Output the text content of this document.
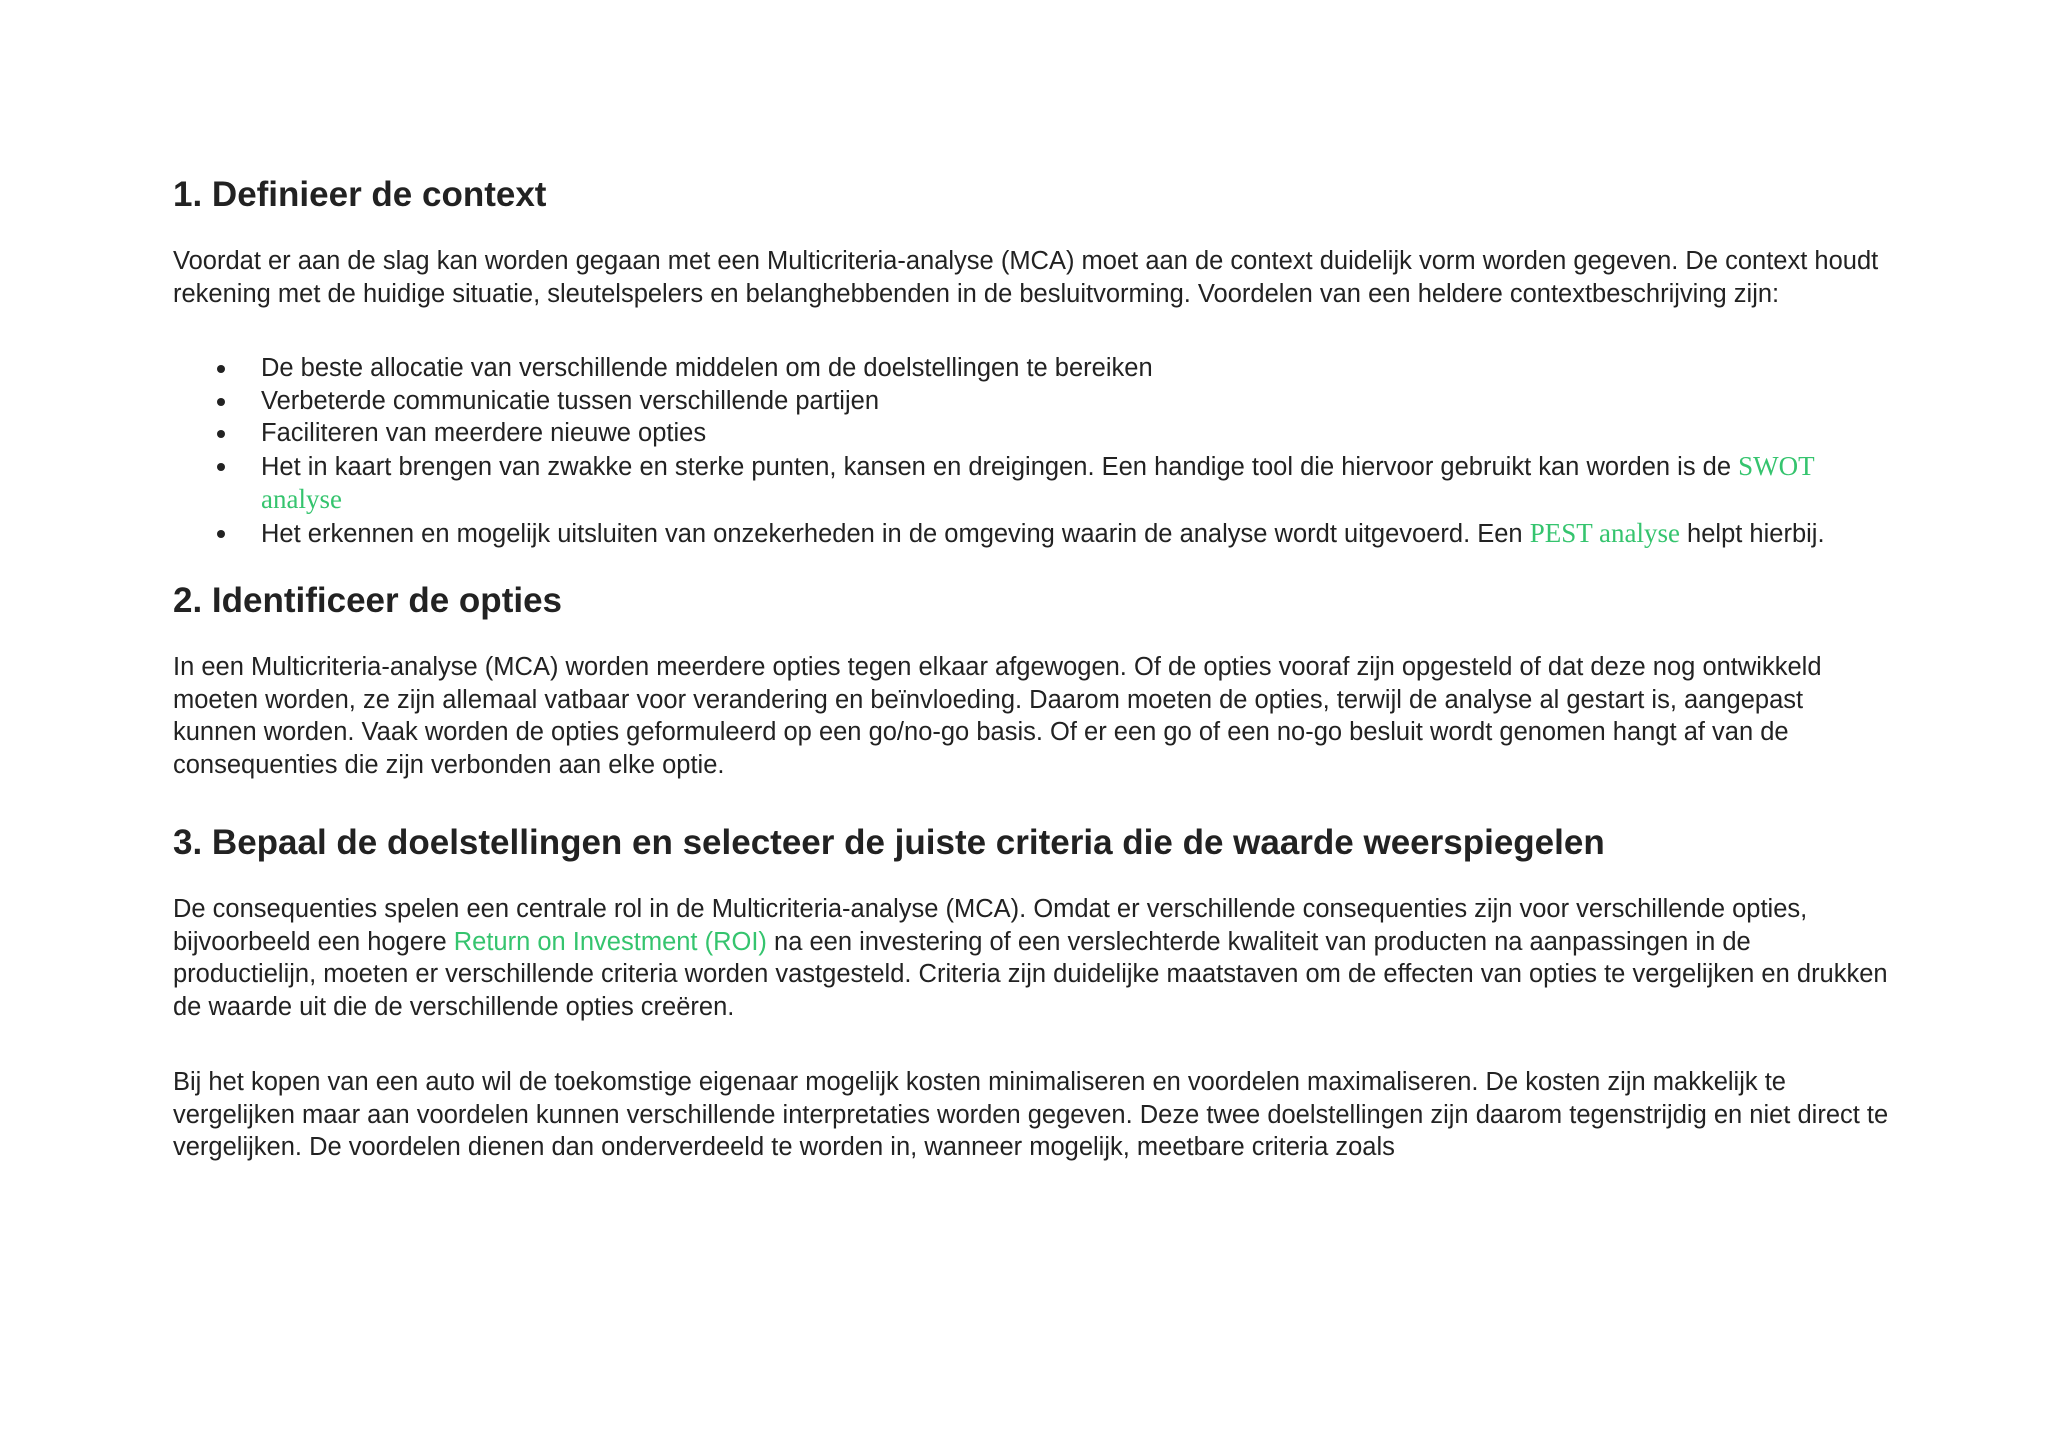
1. Definieer de context

Voordat er aan de slag kan worden gegaan met een Multicriteria-analyse (MCA) moet aan de context duidelijk vorm worden gegeven. De context houdt rekening met de huidige situatie, sleutelspelers en belanghebbenden in de besluitvorming. Voordelen van een heldere contextbeschrijving zijn:

De beste allocatie van verschillende middelen om de doelstellingen te bereiken
Verbeterde communicatie tussen verschillende partijen
Faciliteren van meerdere nieuwe opties
Het in kaart brengen van zwakke en sterke punten, kansen en dreigingen. Een handige tool die hiervoor gebruikt kan worden is de SWOT analyse
Het erkennen en mogelijk uitsluiten van onzekerheden in de omgeving waarin de analyse wordt uitgevoerd. Een PEST analyse helpt hierbij.
2. Identificeer de opties

In een Multicriteria-analyse (MCA) worden meerdere opties tegen elkaar afgewogen. Of de opties vooraf zijn opgesteld of dat deze nog ontwikkeld moeten worden, ze zijn allemaal vatbaar voor verandering en beïnvloeding. Daarom moeten de opties, terwijl de analyse al gestart is, aangepast kunnen worden. Vaak worden de opties geformuleerd op een go/no-go basis. Of er een go of een no-go besluit wordt genomen hangt af van de consequenties die zijn verbonden aan elke optie.

3. Bepaal de doelstellingen en selecteer de juiste criteria die de waarde weerspiegelen

De consequenties spelen een centrale rol in de Multicriteria-analyse (MCA). Omdat er verschillende consequenties zijn voor verschillende opties, bijvoorbeeld een hogere Return on Investment (ROI) na een investering of een verslechterde kwaliteit van producten na aanpassingen in de productielijn, moeten er verschillende criteria worden vastgesteld. Criteria zijn duidelijke maatstaven om de effecten van opties te vergelijken en drukken de waarde uit die de verschillende opties creëren.

Bij het kopen van een auto wil de toekomstige eigenaar mogelijk kosten minimaliseren en voordelen maximaliseren. De kosten zijn makkelijk te vergelijken maar aan voordelen kunnen verschillende interpretaties worden gegeven. Deze twee doelstellingen zijn daarom tegenstrijdig en niet direct te vergelijken. De voordelen dienen dan onderverdeeld te worden in, wanneer mogelijk, meetbare criteria zoals
